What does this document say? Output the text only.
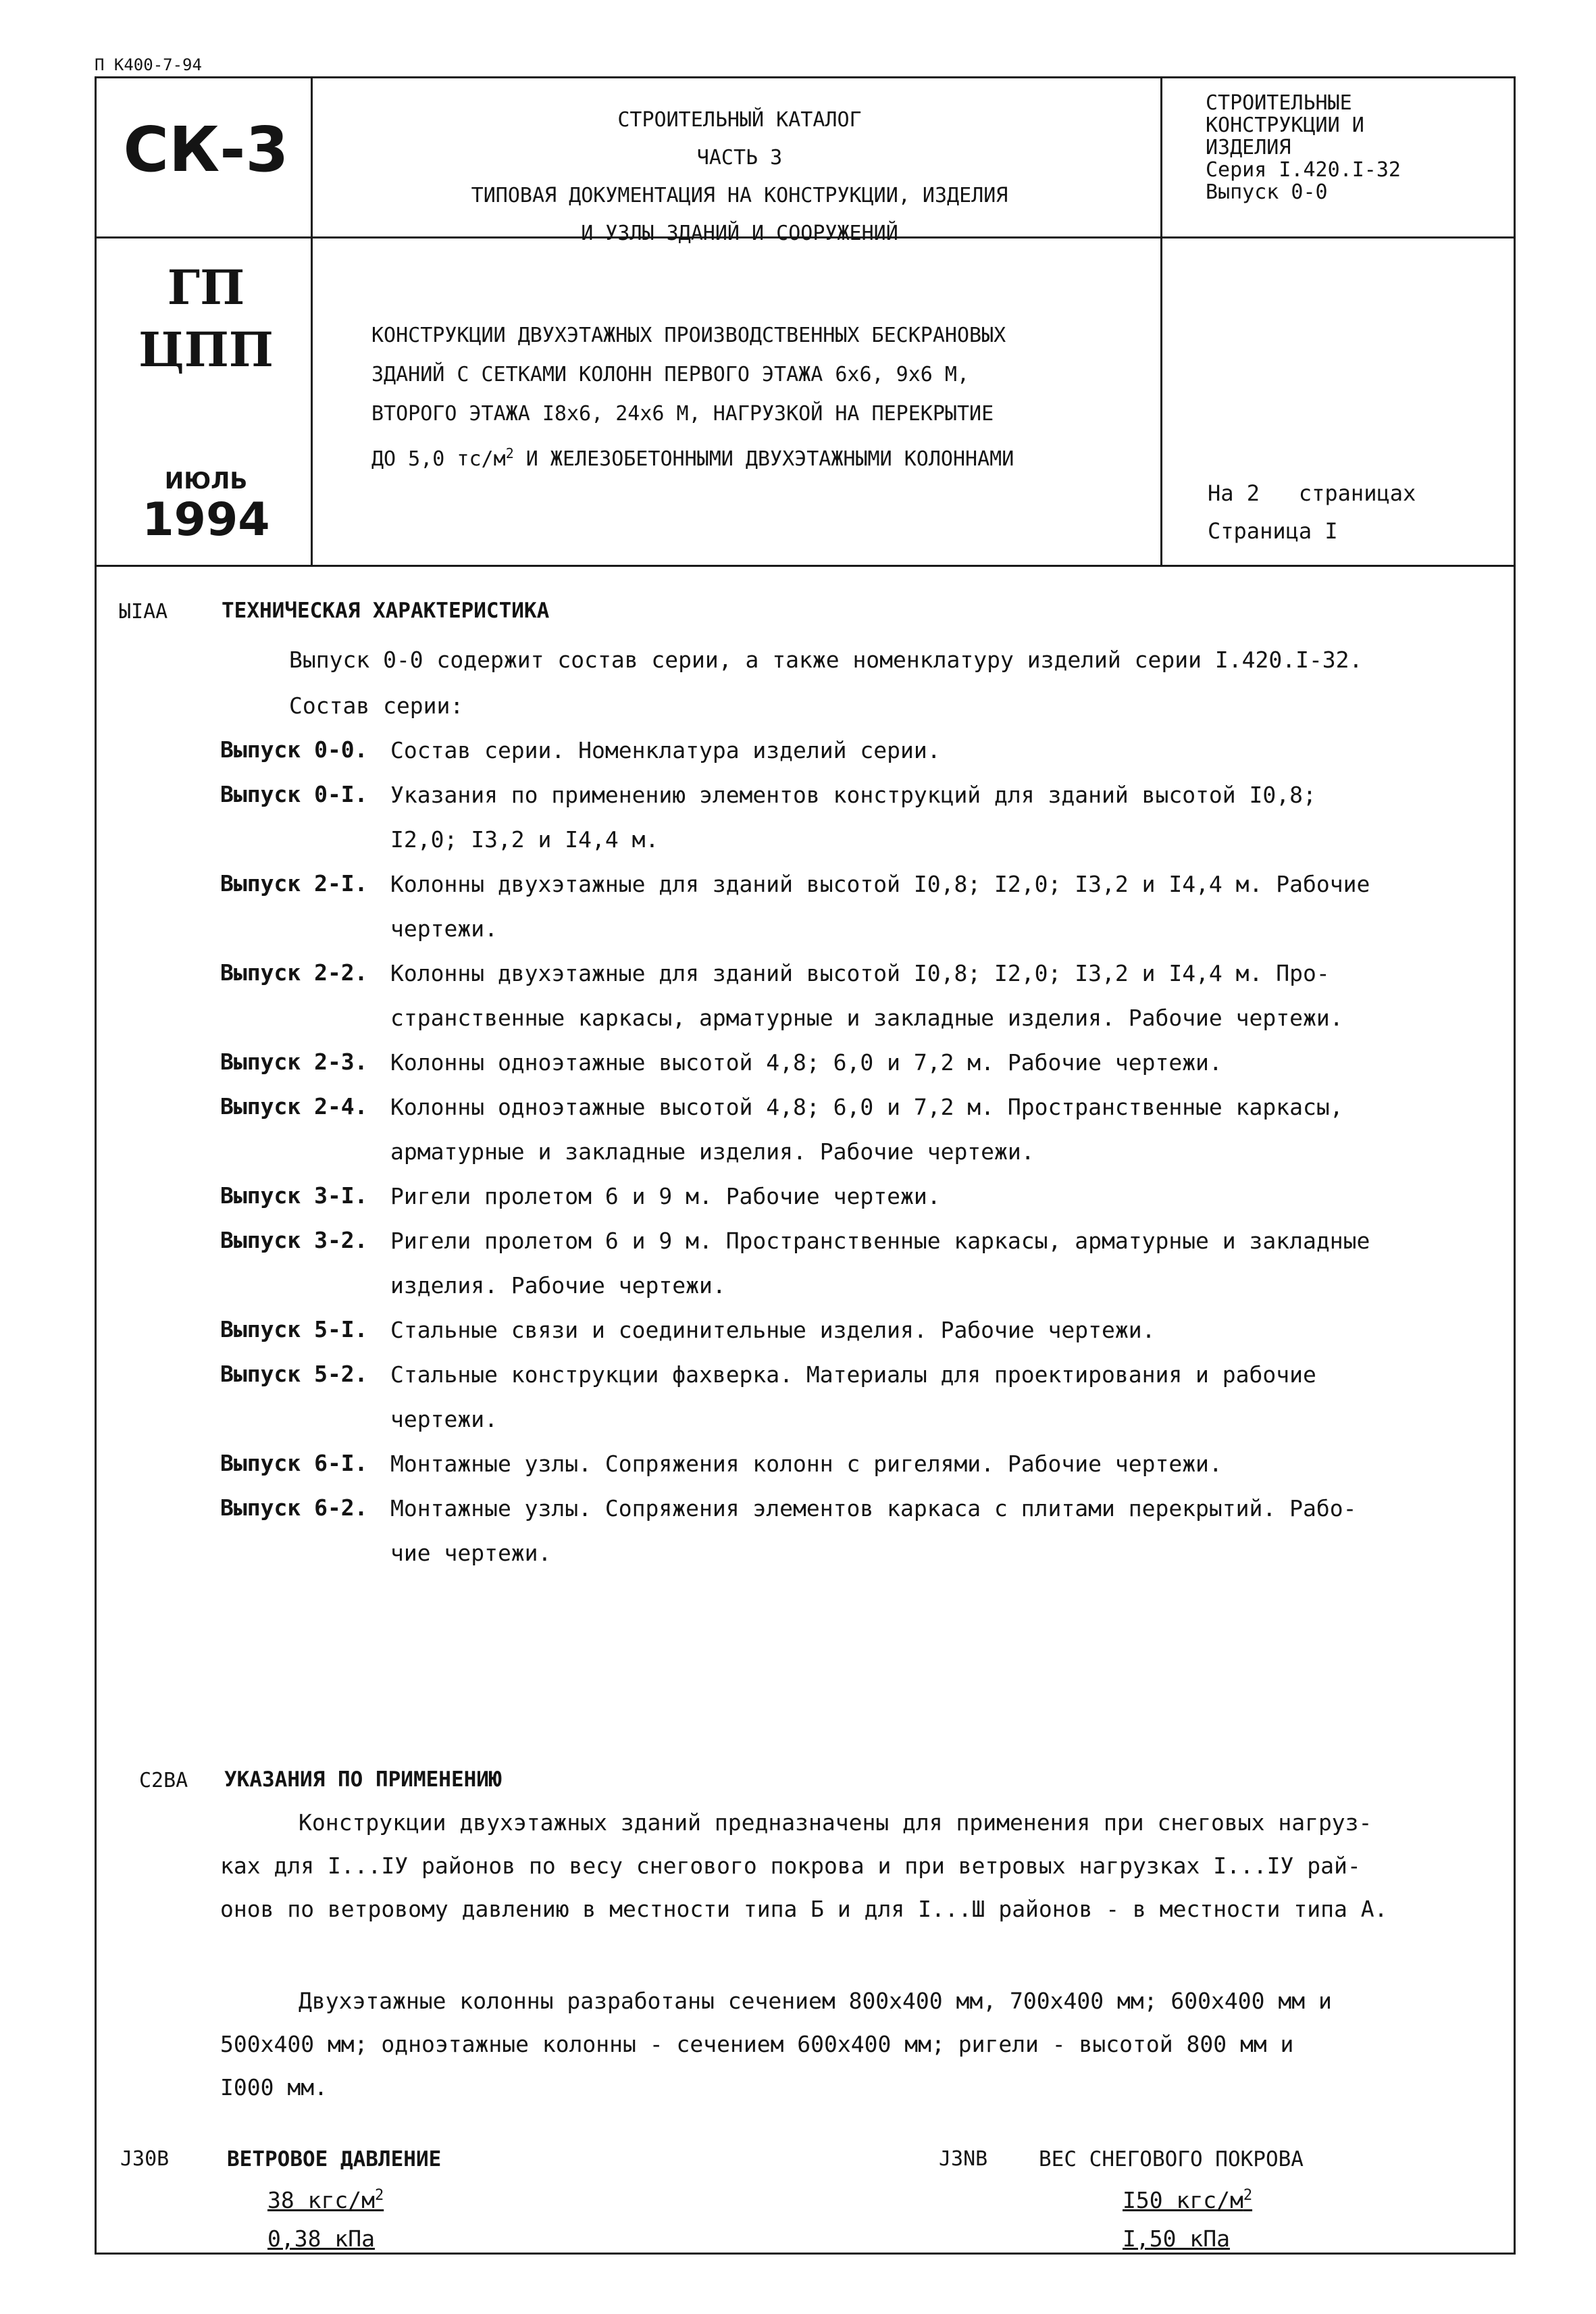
П К400-7-94
СК-3
ГП
ЦПП
ИЮЛЬ
1994
СТРОИТЕЛЬНЫЙ КАТАЛОГ
ЧАСТЬ 3
ТИПОВАЯ ДОКУМЕНТАЦИЯ НА КОНСТРУКЦИИ, ИЗДЕЛИЯ
И УЗЛЫ ЗДАНИЙ И СООРУЖЕНИЙ
СТРОИТЕЛЬНЫЕ
КОНСТРУКЦИИ И
ИЗДЕЛИЯ
Серия I.420.I-32
Выпуск 0-0
КОНСТРУКЦИИ ДВУХЭТАЖНЫХ ПРОИЗВОДСТВЕННЫХ БЕСКРАНОВЫХ
ЗДАНИЙ С СЕТКАМИ КОЛОНН ПЕРВОГО ЭТАЖА 6х6, 9х6 М,
ВТОРОГО ЭТАЖА I8х6, 24х6 М, НАГРУЗКОЙ НА ПЕРЕКРЫТИЕ
ДО 5,0 $тс/м^2$ И ЖЕЛЕЗОБЕТОННЫМИ ДВУХЭТАЖНЫМИ КОЛОННАМИ
На 2   страницах
Страница I
ЫIАА	ТЕХНИЧЕСКАЯ ХАРАКТЕРИСТИКА
Выпуск 0-0 содержит состав серии, а также номенклатуру изделий серии I.420.I-32.
Состав серии:
Выпуск 0-0. Состав серии. Номенклатура изделий серии.
Выпуск 0-I. Указания по применению элементов конструкций для зданий высотой I0,8;
I2,0; I3,2 и I4,4 м.
Выпуск 2-I. Колонны двухэтажные для зданий высотой I0,8; I2,0; I3,2 и I4,4 м. Рабочие
чертежи.
Выпуск 2-2. Колонны двухэтажные для зданий высотой I0,8; I2,0; I3,2 и I4,4 м. Про-
странственные каркасы, арматурные и закладные изделия. Рабочие чертежи.
Выпуск 2-3. Колонны одноэтажные высотой 4,8; 6,0 и 7,2 м. Рабочие чертежи.
Выпуск 2-4. Колонны одноэтажные высотой 4,8; 6,0 и 7,2 м. Пространственные каркасы,
арматурные и закладные изделия. Рабочие чертежи.
Выпуск 3-I. Ригели пролетом 6 и 9 м. Рабочие чертежи.
Выпуск 3-2. Ригели пролетом 6 и 9 м. Пространственные каркасы, арматурные и закладные
изделия. Рабочие чертежи.
Выпуск 5-I. Стальные связи и соединительные изделия. Рабочие чертежи.
Выпуск 5-2. Стальные конструкции фахверка. Материалы для проектирования и рабочие
чертежи.
Выпуск 6-I. Монтажные узлы. Сопряжения колонн с ригелями. Рабочие чертежи.
Выпуск 6-2. Монтажные узлы. Сопряжения элементов каркаса с плитами перекрытий. Рабо-
чие чертежи.
С2ВА УКАЗАНИЯ ПО ПРИМЕНЕНИЮ
Конструкции двухэтажных зданий предназначены для применения при снеговых нагруз-
ках для I...IУ районов по весу снегового покрова и при ветровых нагрузках I...IУ рай-
онов по ветровому давлению в местности типа Б и для I...Ш районов - в местности типа А.
Двухэтажные колонны разработаны сечением 800х400 мм, 700х400 мм; 600х400 мм и
500х400 мм; одноэтажные колонны - сечением 600х400 мм; ригели - высотой 800 мм и
I000 мм.
J30В	ВЕТРОВОЕ ДАВЛЕНИЕ
38 кгс/$м^2$
0,38 кПа
J3NВ ВЕС СНЕГОВОГО ПОКРОВА
I50 кгс/$м^2$
I,50 кПа
